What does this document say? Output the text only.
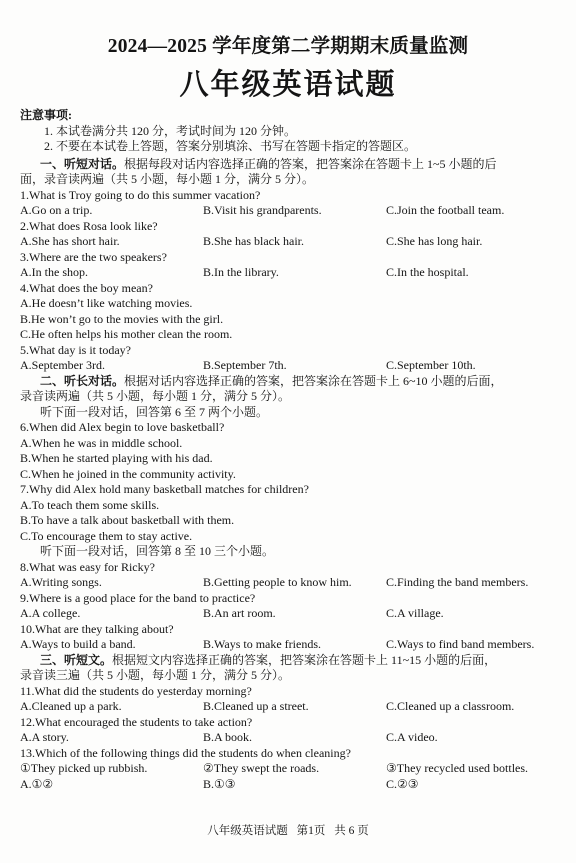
2024—2025 学年度第二学期期末质量监测
八年级英语试题
注意事项:
1. 本试卷满分共 120 分，考试时间为 120 分钟。
2. 不要在本试卷上答题，答案分别填涂、书写在答题卡指定的答题区。
一、听短对话。根据每段对话内容选择正确的答案，把答案涂在答题卡上 1~5 小题的后
面，录音读两遍（共 5 小题，每小题 1 分，满分 5 分）。
1.What is Troy going to do this summer vacation?
A.Go on a trip.	B.Visit his grandparents.	C.Join the football team.
2.What does Rosa look like?
A.She has short hair.	B.She has black hair.	C.She has long hair.
3.Where are the two speakers?
A.In the shop.	B.In the library.	C.In the hospital.
4.What does the boy mean?
A.He doesn’t like watching movies.
B.He won’t go to the movies with the girl.
C.He often helps his mother clean the room.
5.What day is it today?
A.September 3rd.	B.September 7th.	C.September 10th.
二、听长对话。根据对话内容选择正确的答案，把答案涂在答题卡上 6~10 小题的后面，
录音读两遍（共 5 小题，每小题 1 分，满分 5 分）。
听下面一段对话，回答第 6 至 7 两个小题。
6.When did Alex begin to love basketball?
A.When he was in middle school.
B.When he started playing with his dad.
C.When he joined in the community activity.
7.Why did Alex hold many basketball matches for children?
A.To teach them some skills.
B.To have a talk about basketball with them.
C.To encourage them to stay active.
听下面一段对话，回答第 8 至 10 三个小题。
8.What was easy for Ricky?
A.Writing songs.	B.Getting people to know him.	C.Finding the band members.
9.Where is a good place for the band to practice?
A.A college.	B.An art room.	C.A village.
10.What are they talking about?
A.Ways to build a band.	B.Ways to make friends.	C.Ways to find band members.
三、听短文。根据短文内容选择正确的答案，把答案涂在答题卡上 11~15 小题的后面，
录音读三遍（共 5 小题，每小题 1 分，满分 5 分）。
11.What did the students do yesterday morning?
A.Cleaned up a park.	B.Cleaned up a street.	C.Cleaned up a classroom.
12.What encouraged the students to take action?
A.A story.	B.A book.	C.A video.
13.Which of the following things did the students do when cleaning?
①They picked up rubbish.	②They swept the roads.	③They recycled used bottles.
A.①②	B.①③	C.②③
八年级英语试题 第1页 共 6 页
